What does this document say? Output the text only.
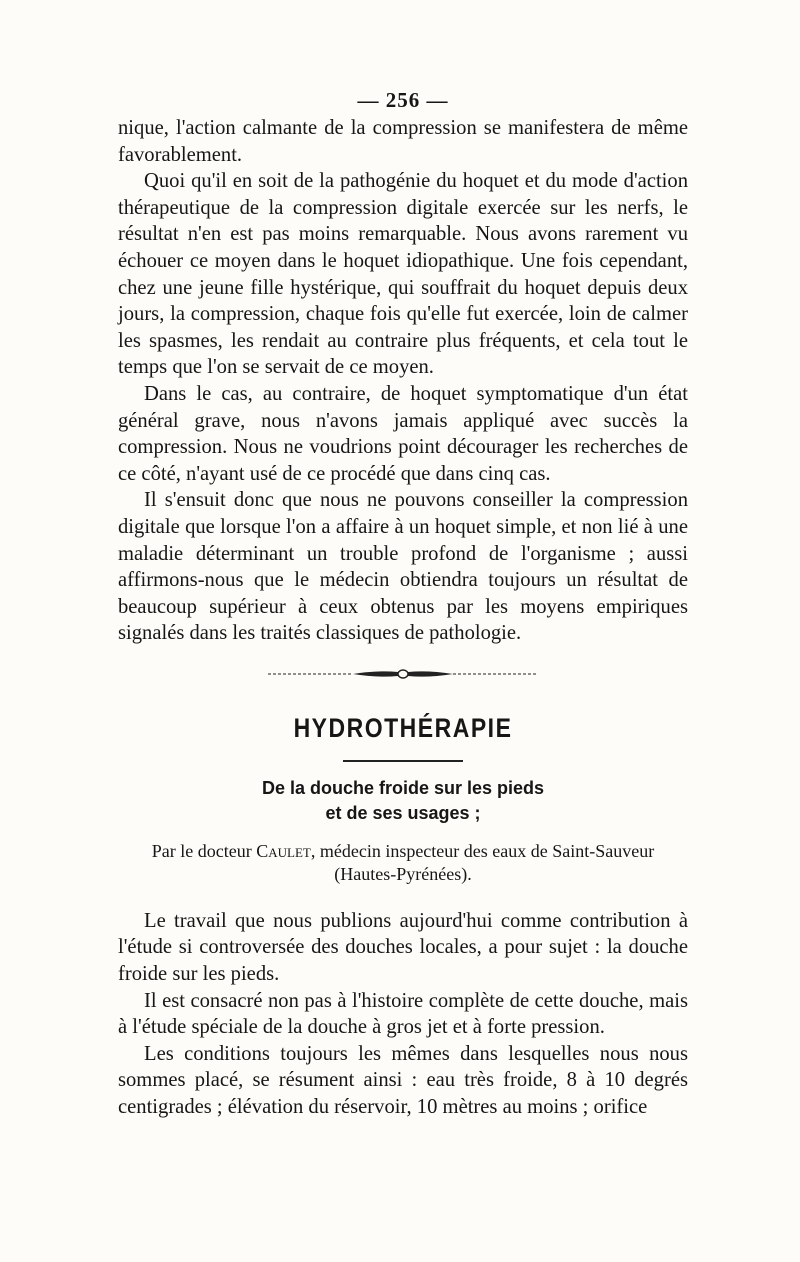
— 256 —

nique, l'action calmante de la compression se manifestera de même favorablement.

Quoi qu'il en soit de la pathogénie du hoquet et du mode d'action thérapeutique de la compression digitale exercée sur les nerfs, le résultat n'en est pas moins remarquable. Nous avons rarement vu échouer ce moyen dans le hoquet idiopathique. Une fois cependant, chez une jeune fille hystérique, qui souffrait du hoquet depuis deux jours, la compression, chaque fois qu'elle fut exercée, loin de calmer les spasmes, les rendait au contraire plus fréquents, et cela tout le temps que l'on se servait de ce moyen.

Dans le cas, au contraire, de hoquet symptomatique d'un état général grave, nous n'avons jamais appliqué avec succès la compression. Nous ne voudrions point décourager les recherches de ce côté, n'ayant usé de ce procédé que dans cinq cas.

Il s'ensuit donc que nous ne pouvons conseiller la compression digitale que lorsque l'on a affaire à un hoquet simple, et non lié à une maladie déterminant un trouble profond de l'organisme ; aussi affirmons-nous que le médecin obtiendra toujours un résultat de beaucoup supérieur à ceux obtenus par les moyens empiriques signalés dans les traités classiques de pathologie.

HYDROTHÉRAPIE
De la douche froide sur les pieds
et de ses usages ;
Par le docteur Caulet, médecin inspecteur des eaux de Saint-Sauveur
(Hautes-Pyrénées).

Le travail que nous publions aujourd'hui comme contribution à l'étude si controversée des douches locales, a pour sujet : la douche froide sur les pieds.

Il est consacré non pas à l'histoire complète de cette douche, mais à l'étude spéciale de la douche à gros jet et à forte pression.

Les conditions toujours les mêmes dans lesquelles nous nous sommes placé, se résument ainsi : eau très froide, 8 à 10 degrés centigrades ; élévation du réservoir, 10 mètres au moins ; orifice
